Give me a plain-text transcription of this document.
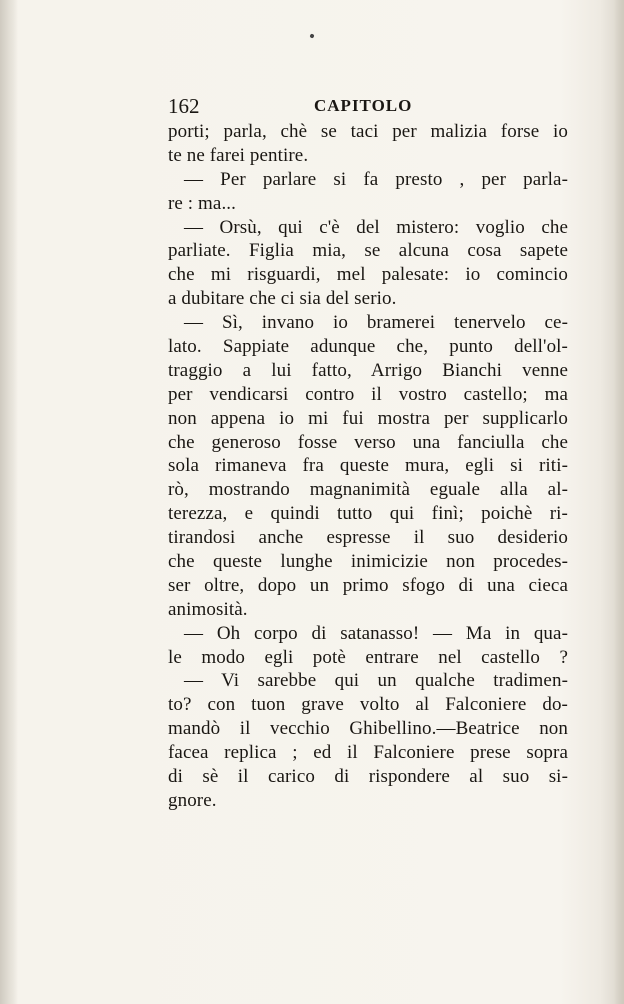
162	CAPITOLO
porti; parla, chè se taci per malizia forse io
te ne farei pentire.
— Per parlare si fa presto , per parla-
re : ma...
— Orsù, qui c'è del mistero: voglio che
parliate. Figlia mia, se alcuna cosa sapete
che mi risguardi, mel palesate: io comincio
a dubitare che ci sia del serio.
— Sì, invano io bramerei tenervelo ce-
lato. Sappiate adunque che, punto dell'ol-
traggio a lui fatto, Arrigo Bianchi venne
per vendicarsi contro il vostro castello; ma
non appena io mi fui mostra per supplicarlo
che generoso fosse verso una fanciulla che
sola rimaneva fra queste mura, egli si riti-
rò, mostrando magnanimità eguale alla al-
terezza, e quindi tutto qui finì; poichè ri-
tirandosi anche espresse il suo desiderio
che queste lunghe inimicizie non procedes-
ser oltre, dopo un primo sfogo di una cieca
animosità.
— Oh corpo di satanasso! — Ma in qua-
le modo egli potè entrare nel castello ?
— Vi sarebbe qui un qualche tradimen-
to? con tuon grave volto al Falconiere do-
mandò il vecchio Ghibellino.—Beatrice non
facea replica ; ed il Falconiere prese sopra
di sè il carico di rispondere al suo si-
gnore.
